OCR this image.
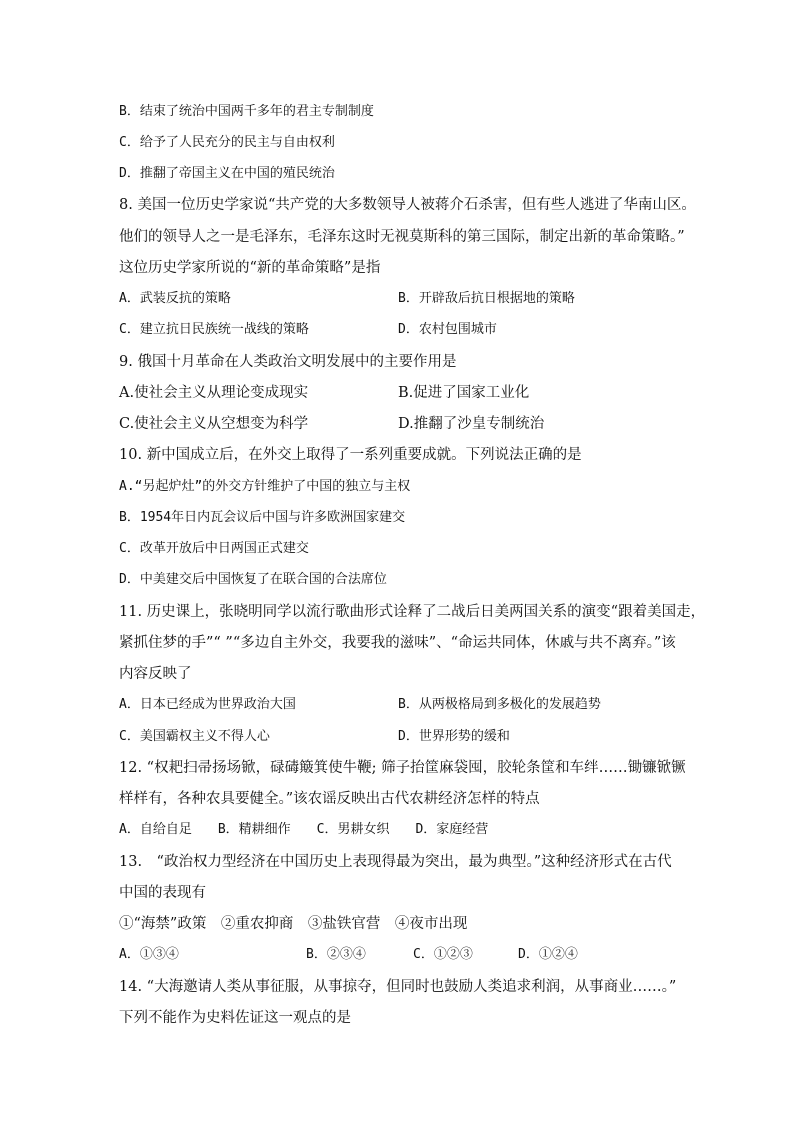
B．结束了统治中国两千多年的君主专制制度
C．给予了人民充分的民主与自由权利
D．推翻了帝国主义在中国的殖民统治
8. 美国一位历史学家说“共产党的大多数领导人被蒋介石杀害，但有些人逃进了华南山区。
他们的领导人之一是毛泽东，毛泽东这时无视莫斯科的第三国际，制定出新的革命策略。”
这位历史学家所说的“新的革命策略”是指
A．武装反抗的策略	B．开辟敌后抗日根据地的策略
C．建立抗日民族统一战线的策略	D．农村包围城市
9. 俄国十月革命在人类政治文明发展中的主要作用是
A.使社会主义从理论变成现实	B.促进了国家工业化
C.使社会主义从空想变为科学	D.推翻了沙皇专制统治
10. 新中国成立后，在外交上取得了一系列重要成就。下列说法正确的是
A.“另起炉灶”的外交方针维护了中国的独立与主权
B．1954年日内瓦会议后中国与许多欧洲国家建交
C．改革开放后中日两国正式建交
D．中美建交后中国恢复了在联合国的合法席位
11. 历史课上，张晓明同学以流行歌曲形式诠释了二战后日美两国关系的演变“跟着美国走，
紧抓住梦的手”“ ”“多边自主外交，我要我的滋味”、“命运共同体，休戚与共不离弃。”该
内容反映了
A．日本已经成为世界政治大国	B．从两极格局到多极化的发展趋势
C．美国霸权主义不得人心	D．世界形势的缓和
12. “权耙扫帚扬场锨，碌碡簸箕使牛鞭; 筛子抬筐麻袋囤，胶轮条筐和车绊……锄镰锨镢
样样有，各种农具要健全。”该农谣反映出古代农耕经济怎样的特点
A．自给自足　　B．精耕细作　　C．男耕女织　　D．家庭经营
13.　“政治权力型经济在中国历史上表现得最为突出，最为典型。”这种经济形式在古代
中国的表现有
①“海禁”政策　②重农抑商　③盐铁官营　④夜市出现
A．①③④	B．②③④	C．①②③	D．①②④
14. “大海邀请人类从事征服，从事掠夺，但同时也鼓励人类追求利润，从事商业……。”
下列不能作为史料佐证这一观点的是
